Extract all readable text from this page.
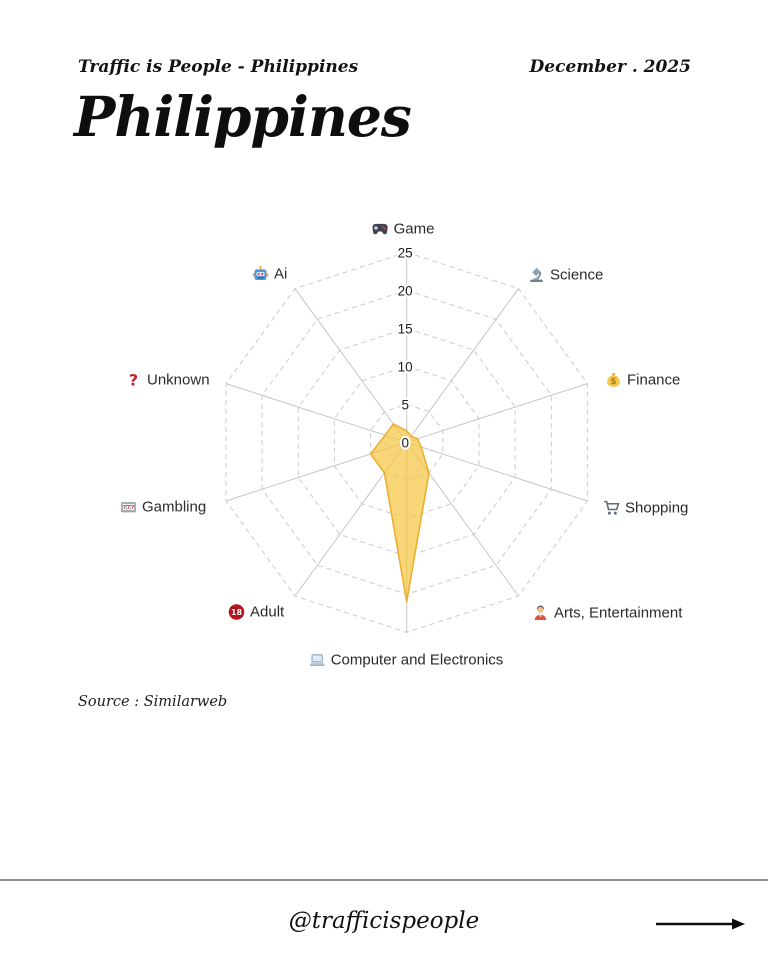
Traffic is People - Philippines	December . 2025
Philippines
0
5
10
15
20
25
Game
Science
$ Finance
Shopping
Arts, Entertainment
Computer and Electronics
18 Adult
7 7 7 Gambling
? Unknown
Ai
Source : Similarweb
@trafficispeople
